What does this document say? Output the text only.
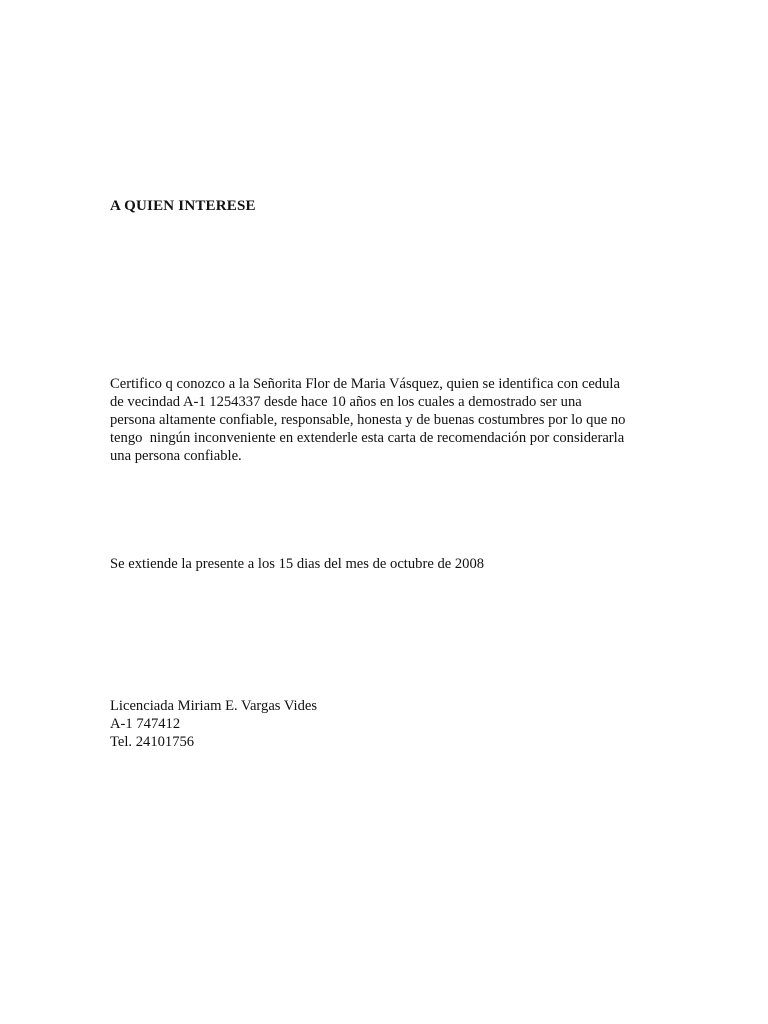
A QUIEN INTERESE
Certifico q conozco a la Señorita Flor de Maria Vásquez, quien se identifica con cedula
de vecindad A-1 1254337 desde hace 10 años en los cuales a demostrado ser una
persona altamente confiable, responsable, honesta y de buenas costumbres por lo que no
tengo  ningún inconveniente en extenderle esta carta de recomendación por considerarla
una persona confiable.
Se extiende la presente a los 15 dias del mes de octubre de 2008
Licenciada Miriam E. Vargas Vides
A-1 747412
Tel. 24101756
